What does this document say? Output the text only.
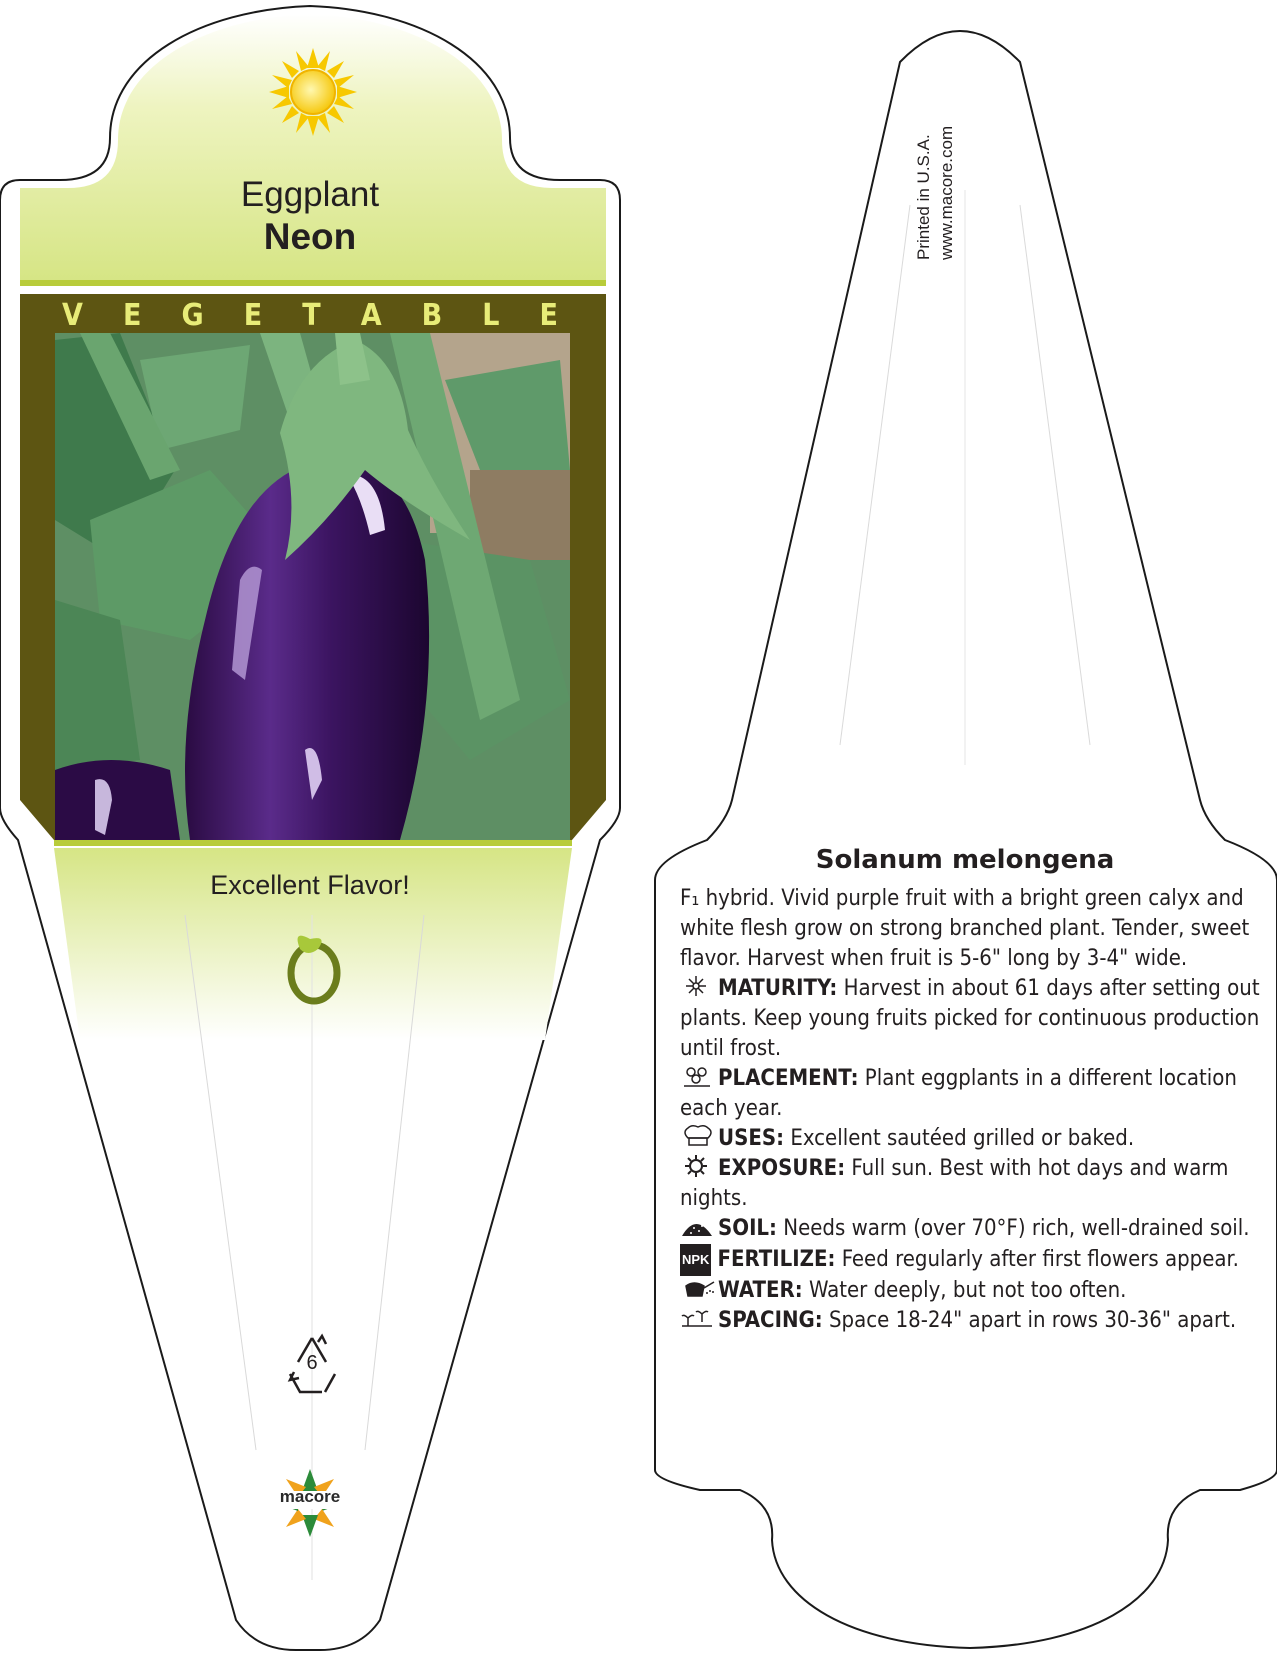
Eggplant
Neon
V E G E T A B L E
Excellent Flavor!
6
macore
Printed in U.S.A. www.macore.com
Solanum melongena

F₁ hybrid. Vivid purple fruit with a bright green calyx and white flesh grow on strong branched plant. Tender, sweet flavor. Harvest when fruit is 5-6" long by 3-4" wide.

MATURITY: Harvest in about 61 days after setting out plants. Keep young fruits picked for continuous production until frost.

PLACEMENT: Plant eggplants in a different location each year.

USES: Excellent sautéed grilled or baked.

EXPOSURE: Full sun. Best with hot days and warm nights.

SOIL: Needs warm (over 70°F) rich, well-drained soil.

NPK FERTILIZE: Feed regularly after first flowers appear.

WATER: Water deeply, but not too often.

SPACING: Space 18-24" apart in rows 30-36" apart.
